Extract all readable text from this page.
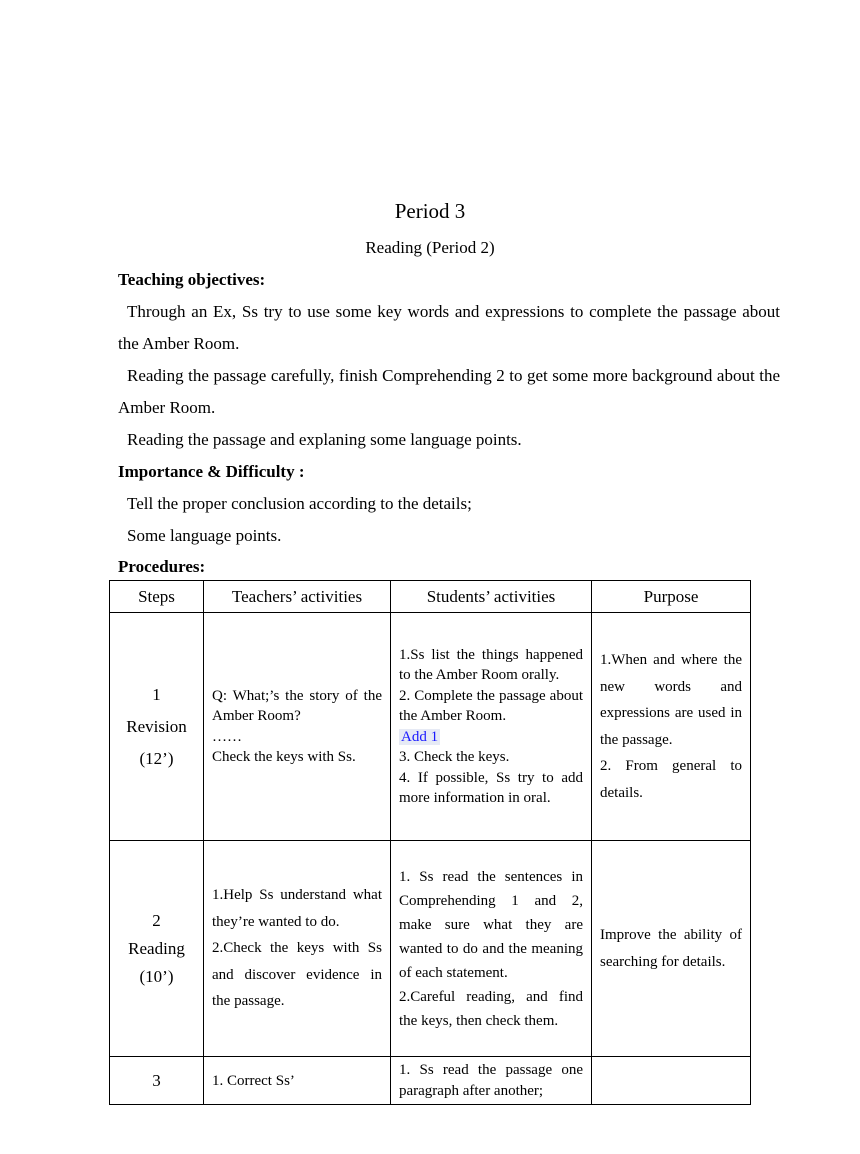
Period 3
Reading (Period 2)
Teaching objectives:
Through an Ex, Ss try to use some key words and expressions to complete the passage about the Amber Room.
Reading the passage carefully, finish Comprehending 2 to get some more background about the Amber Room.
Reading the passage and explaning some language points.
Importance & Difficulty :
Tell the proper conclusion according to the details;
Some language points.
Procedures:
Steps	Teachers’ activities	Students’ activities	Purpose

1
Revision
(12’)	Q: What;’s the story of the Amber Room?
……
Check the keys with Ss.	1.Ss list the things happened to the Amber Room orally.
2. Complete the passage about the Amber Room.
Add 1
3. Check the keys.
4. If possible, Ss try to add more information in oral.	1.When and where the new words and expressions are used in the passage.
2. From general to details.

2
Reading
(10’)	1.Help Ss understand what they’re wanted to do.
2.Check the keys with Ss and discover evidence in the passage.	1. Ss read the sentences in Comprehending 1 and 2, make sure what they are wanted to do and the meaning of each statement.
2.Careful reading, and find the keys, then check them.	Improve the ability of searching for details.

3	1. Correct Ss’	1. Ss read the passage one paragraph after another;	
